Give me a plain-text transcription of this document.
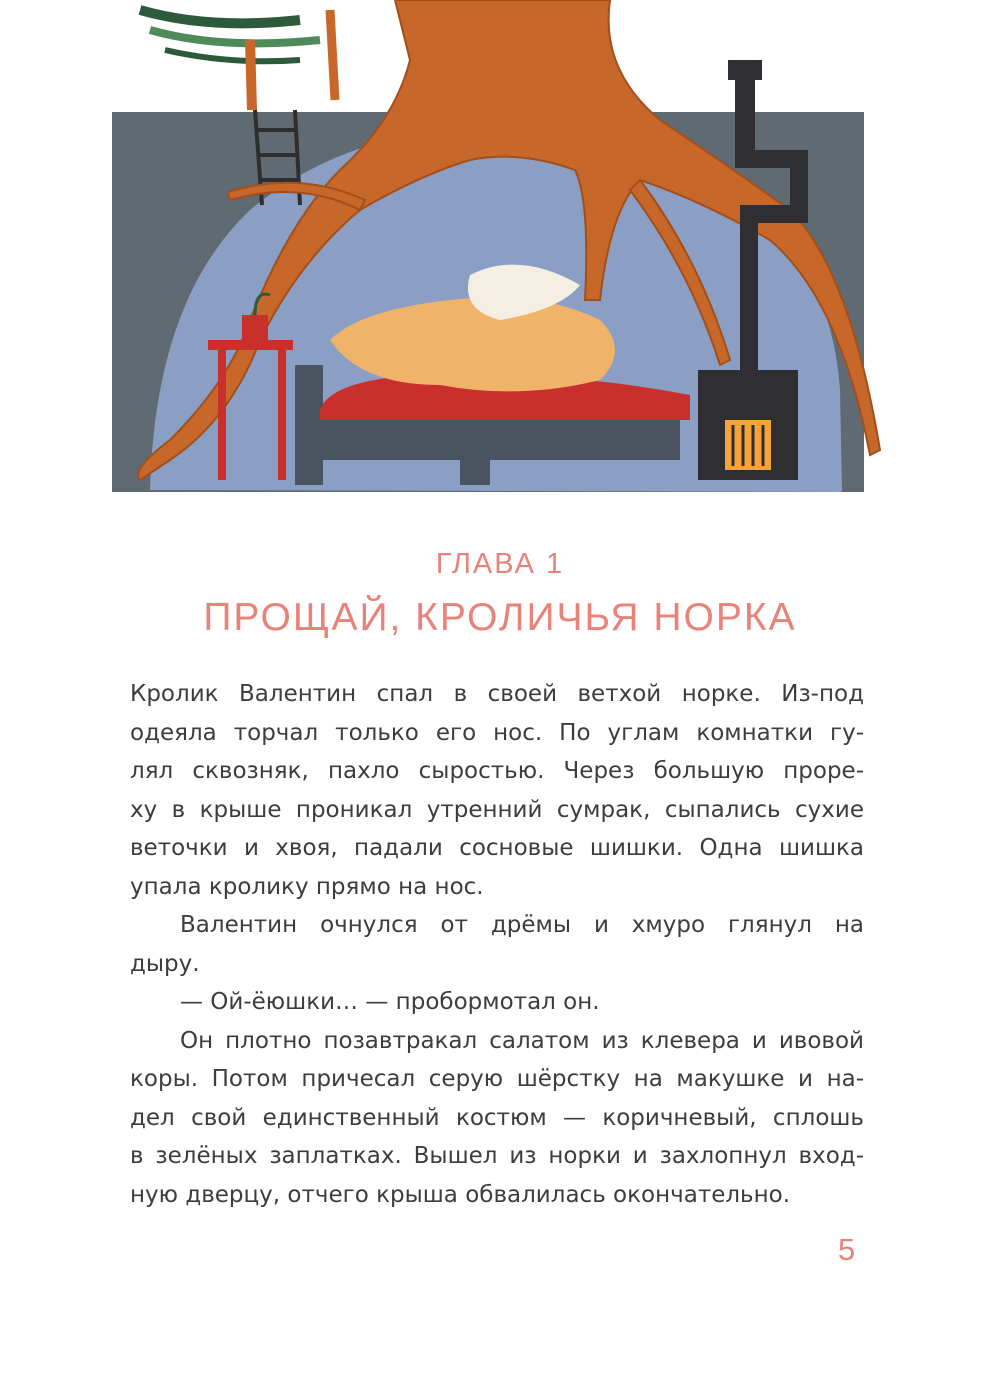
ГЛАВА 1
ПРОЩАЙ, КРОЛИЧЬЯ НОРКА
Кролик Валентин спал в своей ветхой норке. Из-под
одеяла торчал только его нос. По углам комнатки гу-
лял сквозняк, пахло сыростью. Через большую проре-
ху в крыше проникал утренний сумрак, сыпались сухие
веточки и хвоя, падали сосновые шишки. Одна шишка
упала кролику прямо на нос.
Валентин очнулся от дрёмы и хмуро глянул на
дыру.
— Ой-ёюшки… — пробормотал он.
Он плотно позавтракал салатом из клевера и ивовой
коры. Потом причесал серую шёрстку на макушке и на-
дел свой единственный костюм — коричневый, сплошь
в зелёных заплатках. Вышел из норки и захлопнул вход-
ную дверцу, отчего крыша обвалилась окончательно.
5
